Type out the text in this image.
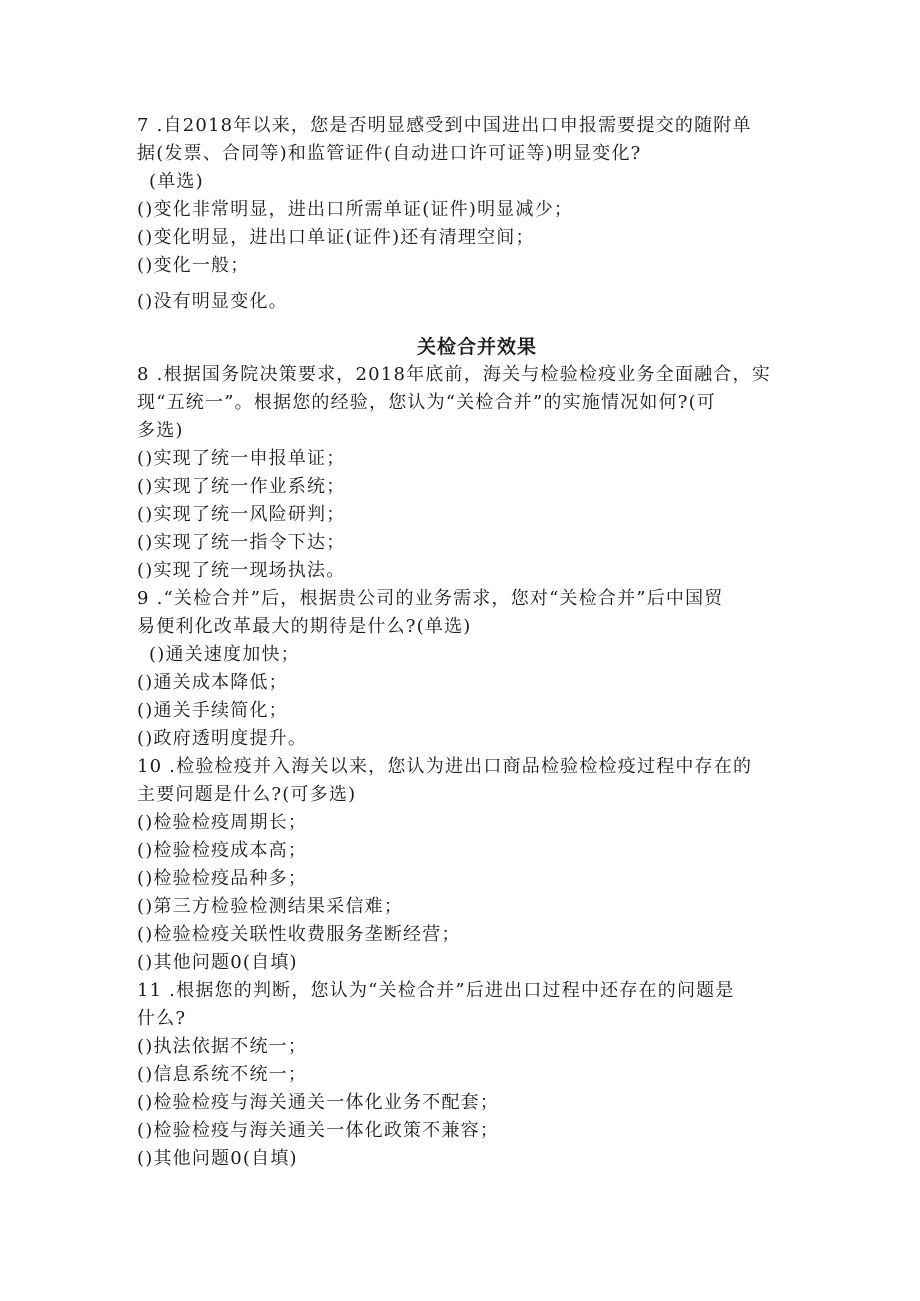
7 .自2018年以来，您是否明显感受到中国进出口申报需要提交的随附单
据(发票、合同等)和监管证件(自动进口许可证等)明显变化?
(单选)
()变化非常明显，进出口所需单证(证件)明显减少；
()变化明显，进出口单证(证件)还有清理空间；
()变化一般；
()没有明显变化。
关检合并效果
8 .根据国务院决策要求，2018年底前，海关与检验检疫业务全面融合，实
现“五统一”。根据您的经验，您认为“关检合并”的实施情况如何?(可
多选)
()实现了统一申报单证；
()实现了统一作业系统；
()实现了统一风险研判；
()实现了统一指令下达；
()实现了统一现场执法。
9 .“关检合并”后，根据贵公司的业务需求，您对“关检合并”后中国贸
易便利化改革最大的期待是什么?(单选)
()通关速度加快；
()通关成本降低；
()通关手续简化；
()政府透明度提升。
10 .检验检疫并入海关以来，您认为进出口商品检验检检疫过程中存在的
主要问题是什么?(可多选)
()检验检疫周期长；
()检验检疫成本高；
()检验检疫品种多；
()第三方检验检测结果采信难；
()检验检疫关联性收费服务垄断经营；
()其他问题0(自填)
11 .根据您的判断，您认为“关检合并”后进出口过程中还存在的问题是
什么?
()执法依据不统一；
()信息系统不统一；
()检验检疫与海关通关一体化业务不配套；
()检验检疫与海关通关一体化政策不兼容；
()其他问题0(自填)
